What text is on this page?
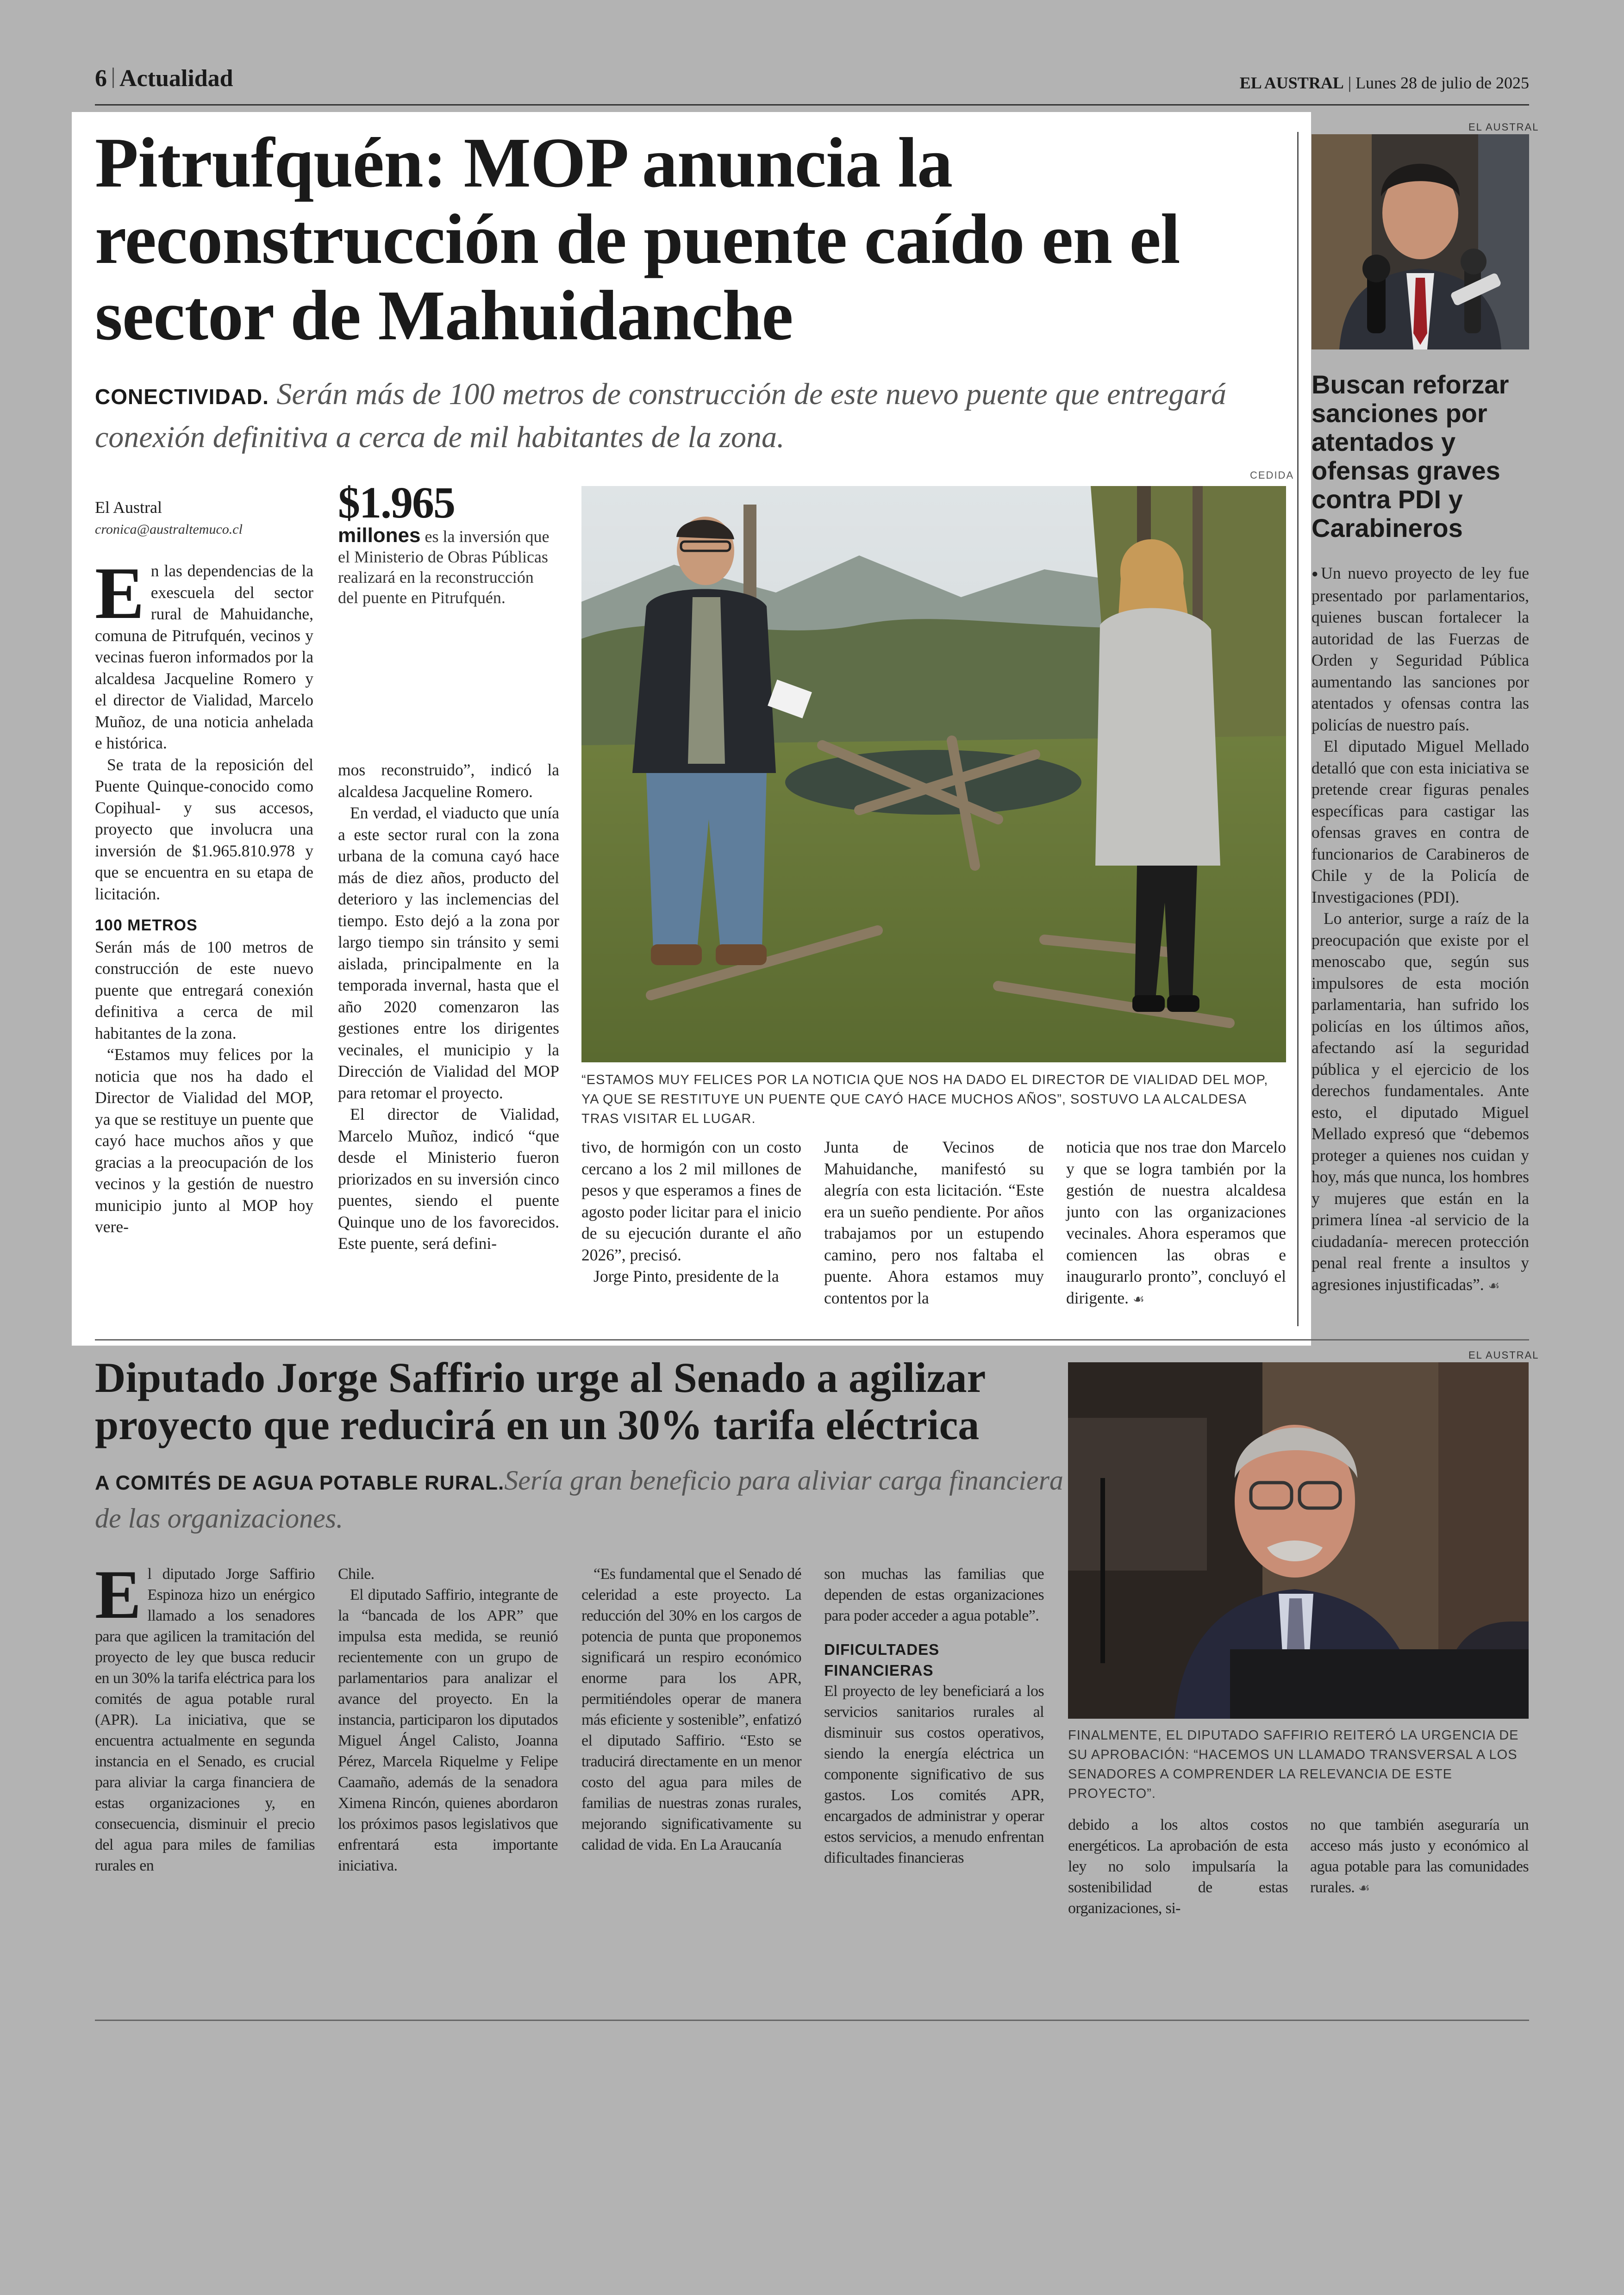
6 Actualidad	EL AUSTRAL | Lunes 28 de julio de 2025
Pitrufquén: MOP anuncia la reconstrucción de puente caído en el sector de Mahuidanche
CONECTIVIDAD. Serán más de 100 metros de construcción de este nuevo puente que entregará conexión definitiva a cerca de mil habitantes de la zona.
El Austral
cronica@australtemuco.cl
$1.965
millones es la inversión que el Ministerio de Obras Públicas realizará en la reconstrucción del puente en Pitrufquén.

En las dependencias de la exescuela del sector rural de Mahuidanche, comuna de Pitrufquén, vecinos y vecinas fueron informados por la alcaldesa Jacqueline Romero y el director de Vialidad, Marcelo Muñoz, de una noticia anhelada e histórica.

Se trata de la reposición del Puente Quinque-conocido como Copihual- y sus accesos, proyecto que involucra una inversión de $1.965.810.978 y que se encuentra en su etapa de licitación.

100 METROS

Serán más de 100 metros de construcción de este nuevo puente que entregará conexión definitiva a cerca de mil habitantes de la zona.

“Estamos muy felices por la noticia que nos ha dado el Director de Vialidad del MOP, ya que se restituye un puente que cayó hace muchos años y que gracias a la preocupación de los vecinos y la gestión de nuestro municipio junto al MOP hoy vere-

mos reconstruido”, indicó la alcaldesa Jacqueline Romero.

En verdad, el viaducto que unía a este sector rural con la zona urbana de la comuna cayó hace más de diez años, producto del deterioro y las inclemencias del tiempo. Esto dejó a la zona por largo tiempo sin tránsito y semi aislada, principalmente en la temporada invernal, hasta que el año 2020 comenzaron las gestiones entre los dirigentes vecinales, el municipio y la Dirección de Vialidad del MOP para retomar el proyecto.

El director de Vialidad, Marcelo Muñoz, indicó “que desde el Ministerio fueron priorizados en su inversión cinco puentes, siendo el puente Quinque uno de los favorecidos. Este puente, será defini-

CEDIDA
“ESTAMOS MUY FELICES POR LA NOTICIA QUE NOS HA DADO EL DIRECTOR DE VIALIDAD DEL MOP, YA QUE SE RESTITUYE UN PUENTE QUE CAYÓ HACE MUCHOS AÑOS”, SOSTUVO LA ALCALDESA TRAS VISITAR EL LUGAR.

tivo, de hormigón con un costo cercano a los 2 mil millones de pesos y que esperamos a fines de agosto poder licitar para el inicio de su ejecución durante el año 2026”, precisó.

Jorge Pinto, presidente de la

Junta de Vecinos de Mahuidanche, manifestó su alegría con esta licitación. “Este era un sueño pendiente. Por años trabajamos por un estupendo camino, pero nos faltaba el puente. Ahora estamos muy contentos por la

noticia que nos trae don Marcelo y que se logra también por la gestión de nuestra alcaldesa junto con las organizaciones vecinales. Ahora esperamos que comiencen las obras e inaugurarlo pronto”, concluyó el dirigente. ☙

EL AUSTRAL
Buscan reforzar sanciones por atentados y ofensas graves contra PDI y Carabineros

●Un nuevo proyecto de ley fue presentado por parlamentarios, quienes buscan fortalecer la autoridad de las Fuerzas de Orden y Seguridad Pública aumentando las sanciones por atentados y ofensas contra las policías de nuestro país.

El diputado Miguel Mellado detalló que con esta iniciativa se pretende crear figuras penales específicas para castigar las ofensas graves en contra de funcionarios de Carabineros de Chile y de la Policía de Investigaciones (PDI).

Lo anterior, surge a raíz de la preocupación que existe por el menoscabo que, según sus impulsores de esta moción parlamentaria, han sufrido los policías en los últimos años, afectando así la seguridad pública y el ejercicio de los derechos fundamentales. Ante esto, el diputado Miguel Mellado expresó que “debemos proteger a quienes nos cuidan y hoy, más que nunca, los hombres y mujeres que están en la primera línea -al servicio de la ciudadanía- merecen protección penal real frente a insultos y agresiones injustificadas”. ☙

Diputado Jorge Saffirio urge al Senado a agilizar proyecto que reducirá en un 30% tarifa eléctrica
A COMITÉS DE AGUA POTABLE RURAL.Sería gran beneficio para aliviar carga financiera de las organizaciones.
EL AUSTRAL
FINALMENTE, EL DIPUTADO SAFFIRIO REITERÓ LA URGENCIA DE SU APROBACIÓN: “HACEMOS UN LLAMADO TRANSVERSAL A LOS SENADORES A COMPRENDER LA RELEVANCIA DE ESTE PROYECTO”.

El diputado Jorge Saffirio Espinoza hizo un enérgico llamado a los senadores para que agilicen la tramitación del proyecto de ley que busca reducir en un 30% la tarifa eléctrica para los comités de agua potable rural (APR). La iniciativa, que se encuentra actualmente en segunda instancia en el Senado, es crucial para aliviar la carga financiera de estas organizaciones y, en consecuencia, disminuir el precio del agua para miles de familias rurales en

Chile.

El diputado Saffirio, integrante de la “bancada de los APR” que impulsa esta medida, se reunió recientemente con un grupo de parlamentarios para analizar el avance del proyecto. En la instancia, participaron los diputados Miguel Ángel Calisto, Joanna Pérez, Marcela Riquelme y Felipe Caamaño, además de la senadora Ximena Rincón, quienes abordaron los próximos pasos legislativos que enfrentará esta importante iniciativa.

“Es fundamental que el Senado dé celeridad a este proyecto. La reducción del 30% en los cargos de potencia de punta que proponemos significará un respiro económico enorme para los APR, permitiéndoles operar de manera más eficiente y sostenible”, enfatizó el diputado Saffirio. “Esto se traducirá directamente en un menor costo del agua para miles de familias de nuestras zonas rurales, mejorando significativamente su calidad de vida. En La Araucanía

son muchas las familias que dependen de estas organizaciones para poder acceder a agua potable”.

DIFICULTADES FINANCIERAS

El proyecto de ley beneficiará a los servicios sanitarios rurales al disminuir sus costos operativos, siendo la energía eléctrica un componente significativo de sus gastos. Los comités APR, encargados de administrar y operar estos servicios, a menudo enfrentan dificultades financieras

debido a los altos costos energéticos. La aprobación de esta ley no solo impulsaría la sostenibilidad de estas organizaciones, si-

no que también aseguraría un acceso más justo y económico al agua potable para las comunidades rurales. ☙
